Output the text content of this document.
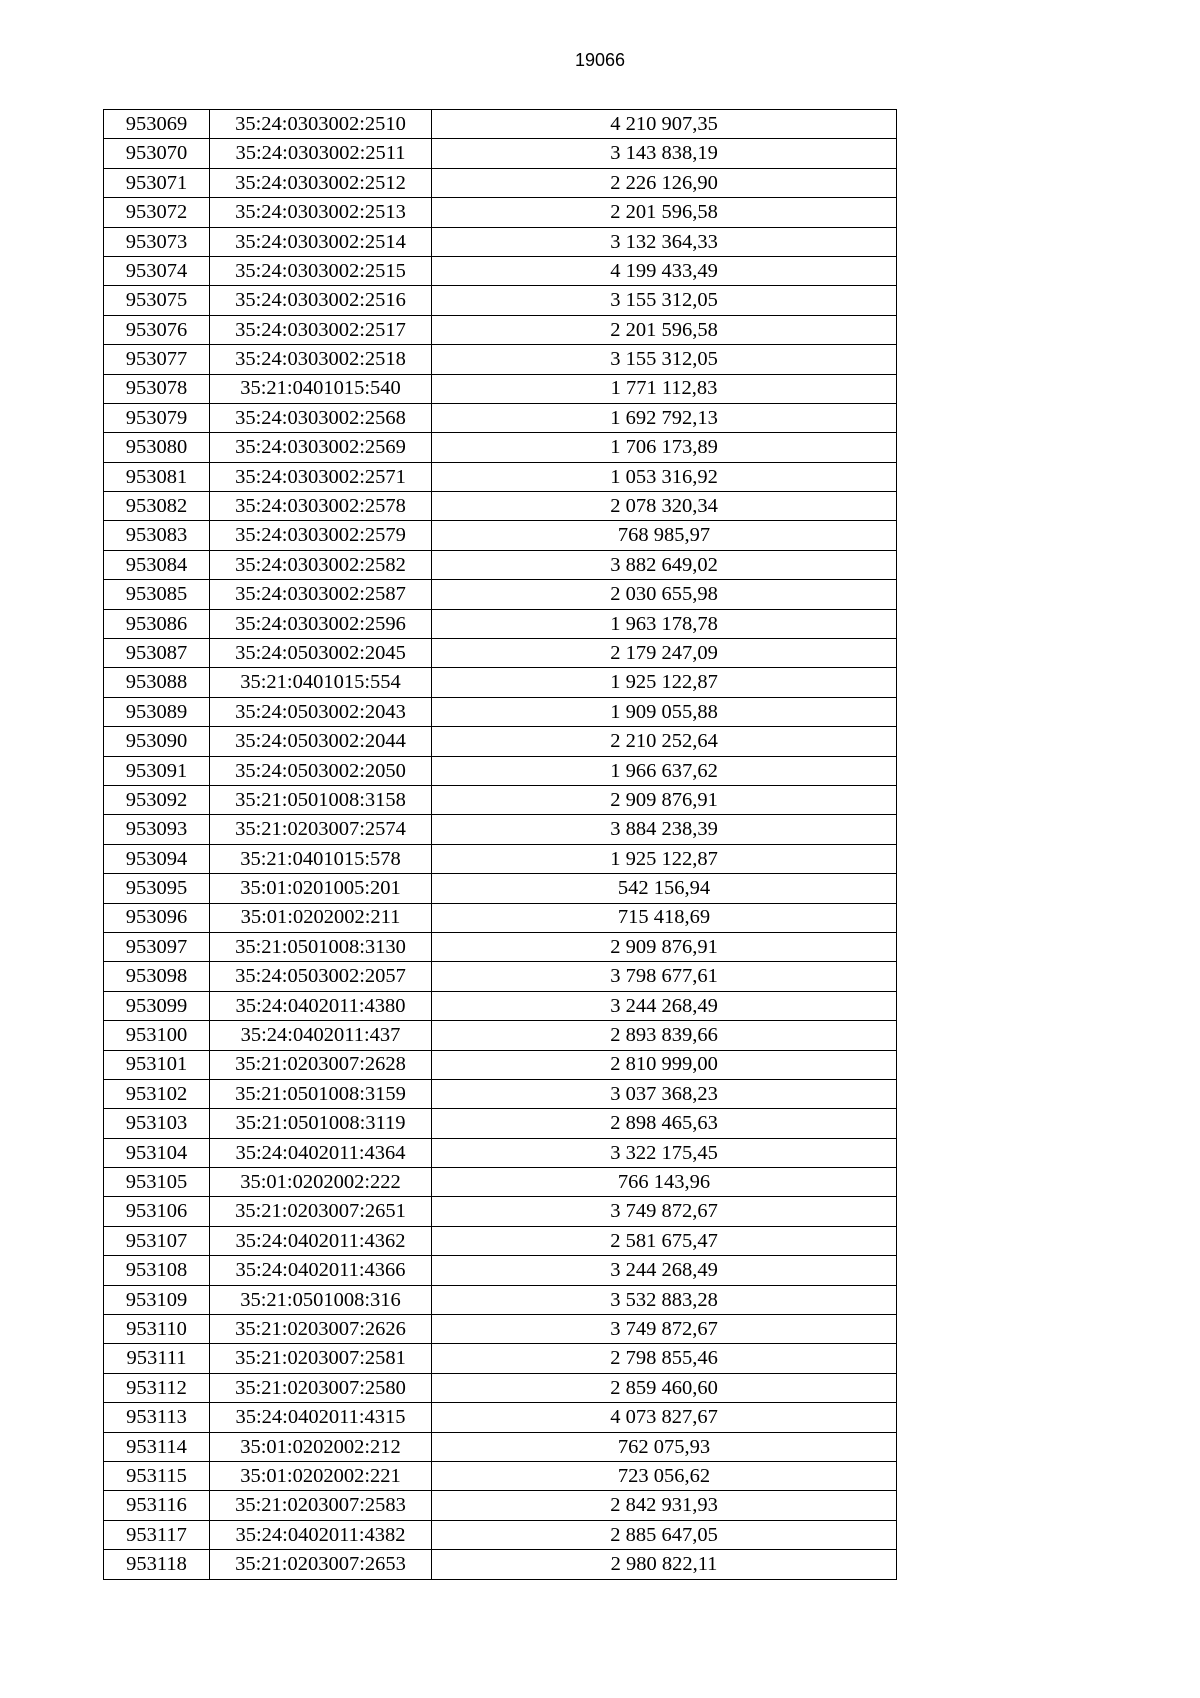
19066
953069	35:24:0303002:2510	4 210 907,35
953070	35:24:0303002:2511	3 143 838,19
953071	35:24:0303002:2512	2 226 126,90
953072	35:24:0303002:2513	2 201 596,58
953073	35:24:0303002:2514	3 132 364,33
953074	35:24:0303002:2515	4 199 433,49
953075	35:24:0303002:2516	3 155 312,05
953076	35:24:0303002:2517	2 201 596,58
953077	35:24:0303002:2518	3 155 312,05
953078	35:21:0401015:540	1 771 112,83
953079	35:24:0303002:2568	1 692 792,13
953080	35:24:0303002:2569	1 706 173,89
953081	35:24:0303002:2571	1 053 316,92
953082	35:24:0303002:2578	2 078 320,34
953083	35:24:0303002:2579	768 985,97
953084	35:24:0303002:2582	3 882 649,02
953085	35:24:0303002:2587	2 030 655,98
953086	35:24:0303002:2596	1 963 178,78
953087	35:24:0503002:2045	2 179 247,09
953088	35:21:0401015:554	1 925 122,87
953089	35:24:0503002:2043	1 909 055,88
953090	35:24:0503002:2044	2 210 252,64
953091	35:24:0503002:2050	1 966 637,62
953092	35:21:0501008:3158	2 909 876,91
953093	35:21:0203007:2574	3 884 238,39
953094	35:21:0401015:578	1 925 122,87
953095	35:01:0201005:201	542 156,94
953096	35:01:0202002:211	715 418,69
953097	35:21:0501008:3130	2 909 876,91
953098	35:24:0503002:2057	3 798 677,61
953099	35:24:0402011:4380	3 244 268,49
953100	35:24:0402011:437	2 893 839,66
953101	35:21:0203007:2628	2 810 999,00
953102	35:21:0501008:3159	3 037 368,23
953103	35:21:0501008:3119	2 898 465,63
953104	35:24:0402011:4364	3 322 175,45
953105	35:01:0202002:222	766 143,96
953106	35:21:0203007:2651	3 749 872,67
953107	35:24:0402011:4362	2 581 675,47
953108	35:24:0402011:4366	3 244 268,49
953109	35:21:0501008:316	3 532 883,28
953110	35:21:0203007:2626	3 749 872,67
953111	35:21:0203007:2581	2 798 855,46
953112	35:21:0203007:2580	2 859 460,60
953113	35:24:0402011:4315	4 073 827,67
953114	35:01:0202002:212	762 075,93
953115	35:01:0202002:221	723 056,62
953116	35:21:0203007:2583	2 842 931,93
953117	35:24:0402011:4382	2 885 647,05
953118	35:21:0203007:2653	2 980 822,11
